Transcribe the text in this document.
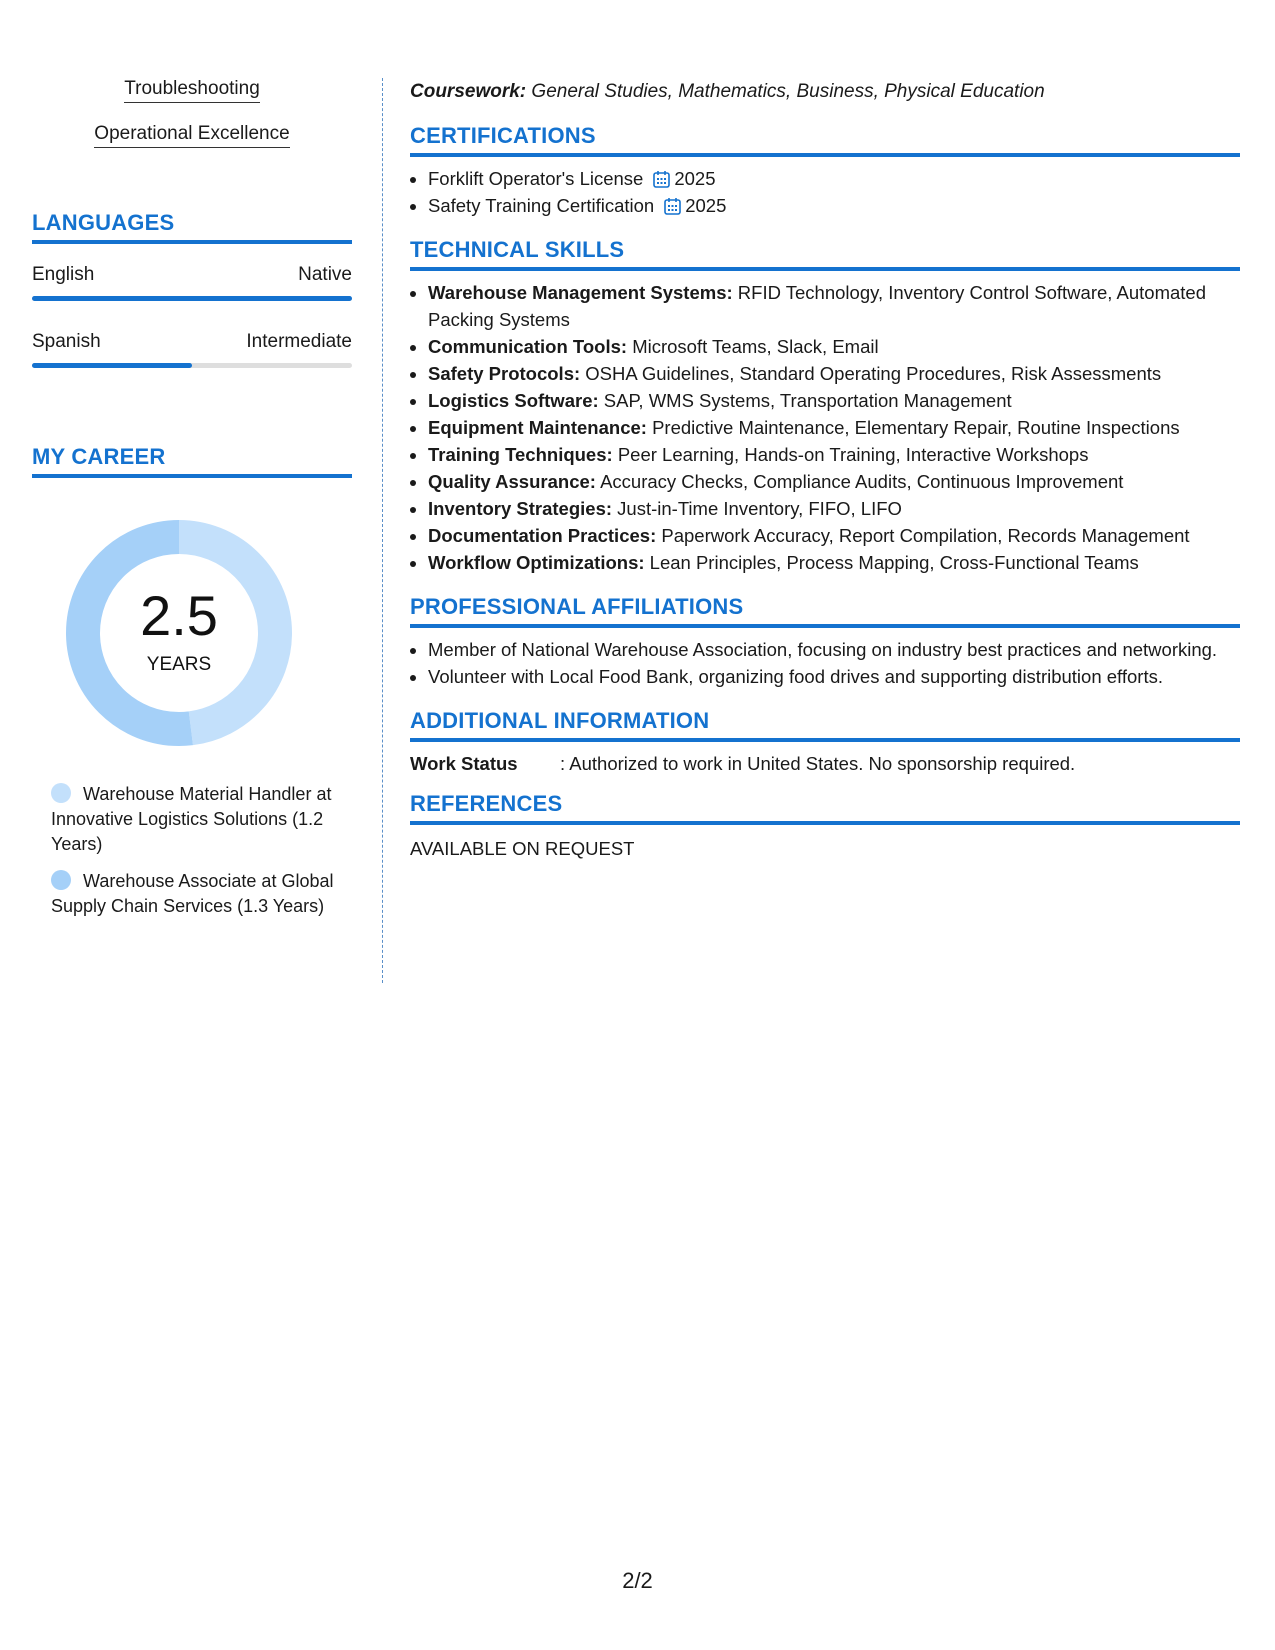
Troubleshooting
Operational Excellence
LANGUAGES
English	Native
Spanish	Intermediate
MY CAREER
2.5
YEARS
Warehouse Material Handler at Innovative Logistics Solutions (1.2 Years)
Warehouse Associate at Global Supply Chain Services (1.3 Years)
Coursework: General Studies, Mathematics, Business, Physical Education
CERTIFICATIONS
• Forklift Operator's License 2025
• Safety Training Certification 2025
TECHNICAL SKILLS
• Warehouse Management Systems: RFID Technology, Inventory Control Software, Automated Packing Systems
• Communication Tools: Microsoft Teams, Slack, Email
• Safety Protocols: OSHA Guidelines, Standard Operating Procedures, Risk Assessments
• Logistics Software: SAP, WMS Systems, Transportation Management
• Equipment Maintenance: Predictive Maintenance, Elementary Repair, Routine Inspections
• Training Techniques: Peer Learning, Hands-on Training, Interactive Workshops
• Quality Assurance: Accuracy Checks, Compliance Audits, Continuous Improvement
• Inventory Strategies: Just-in-Time Inventory, FIFO, LIFO
• Documentation Practices: Paperwork Accuracy, Report Compilation, Records Management
• Workflow Optimizations: Lean Principles, Process Mapping, Cross-Functional Teams
PROFESSIONAL AFFILIATIONS
• Member of National Warehouse Association, focusing on industry best practices and networking.
• Volunteer with Local Food Bank, organizing food drives and supporting distribution efforts.
ADDITIONAL INFORMATION
Work Status : Authorized to work in United States. No sponsorship required.
REFERENCES
AVAILABLE ON REQUEST
2/2
